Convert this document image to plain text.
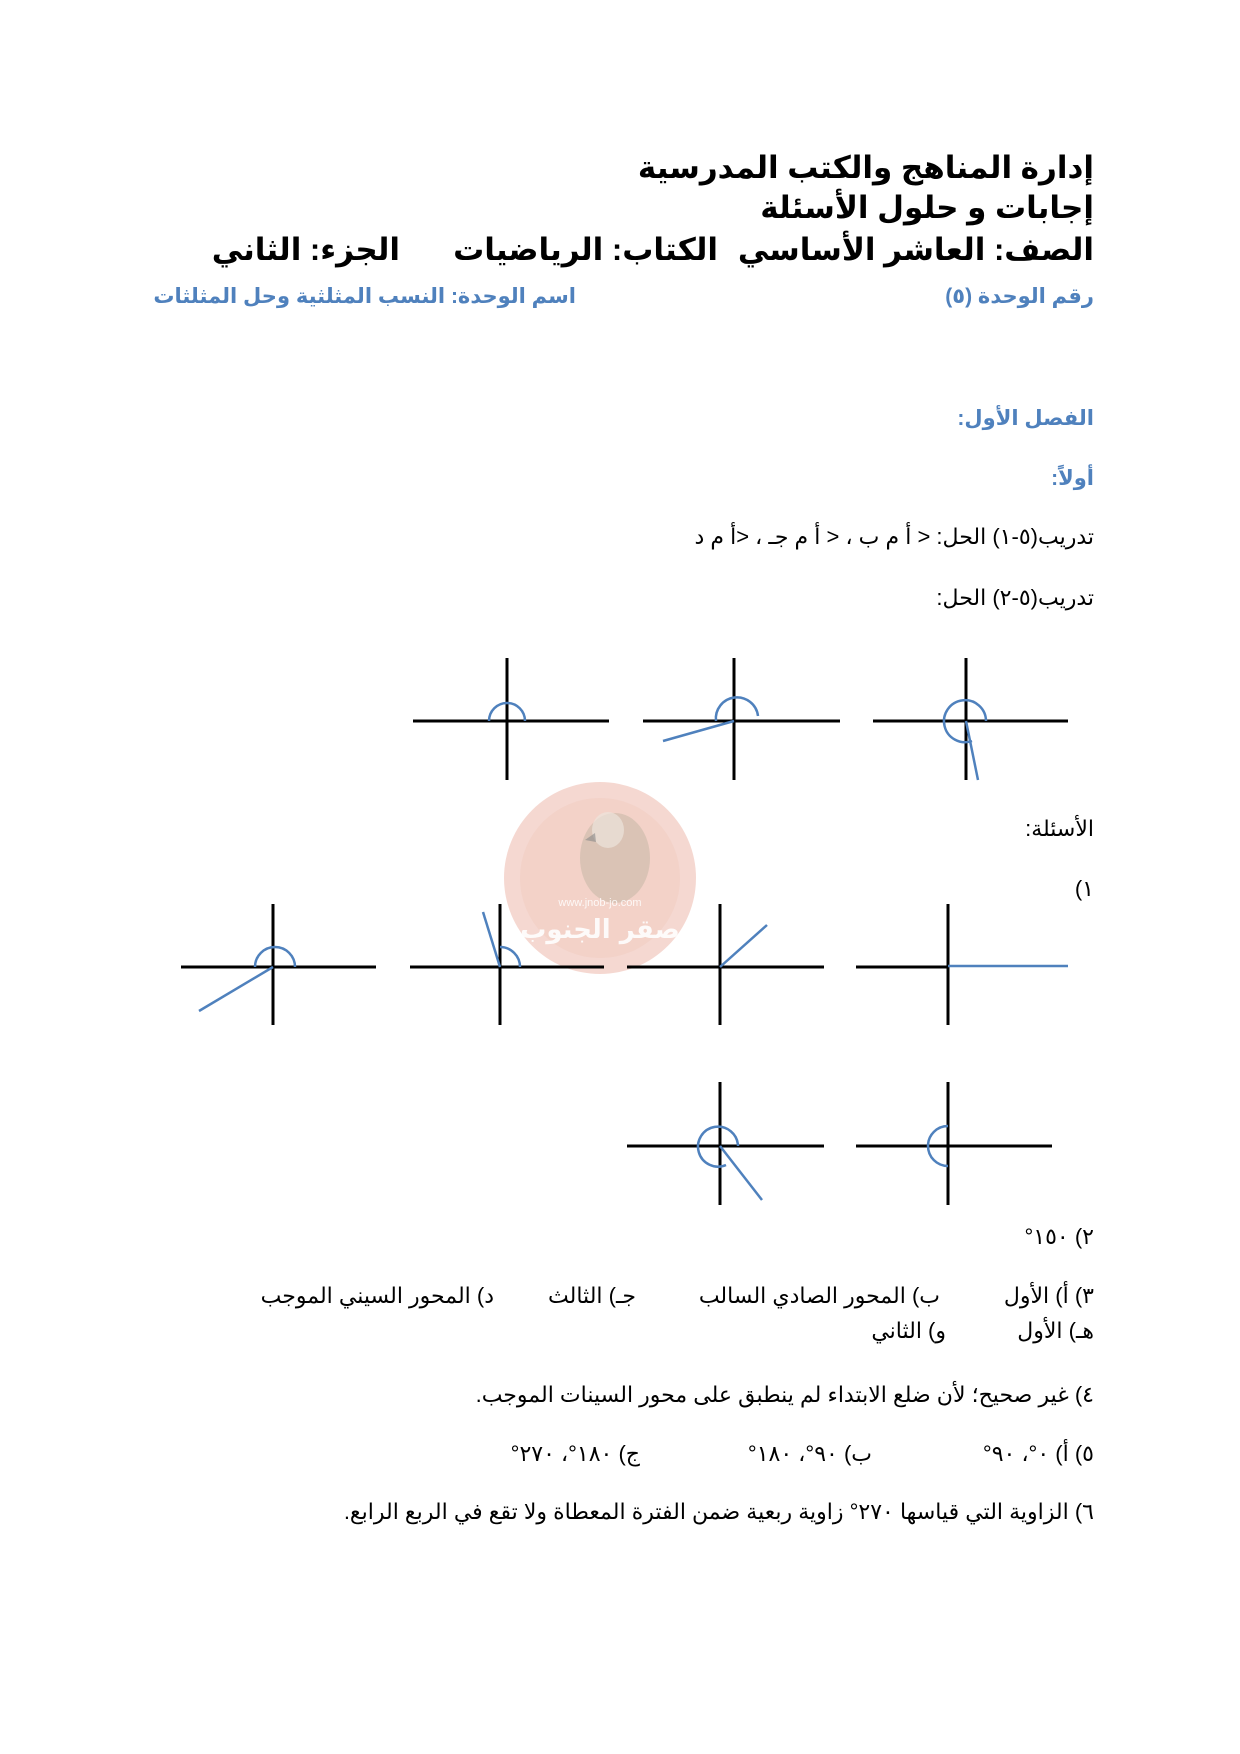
إدارة المناهج والكتب المدرسية
إجابات و حلول الأسئلة
الصف: العاشر الأساسي
الكتاب: الرياضيات
الجزء: الثاني
رقم الوحدة (٥)
اسم الوحدة: النسب المثلثية وحل المثلثات
الفصل الأول:
أولاً:
تدريب(٥-١) الحل: < أ م ب ، < أ م جـ ، <أ م د
تدريب(٥-٢) الحل:
www.jnob-jo.com
صقر الجنوب
الأسئلة:
١)
٢) ١٥٠°
٣) أ) الأول
ب) المحور الصادي السالب
جـ) الثالث
د) المحور السيني الموجب
هـ) الأول
و) الثاني
٤) غير صحيح؛ لأن ضلع الابتداء لم ينطبق على محور السينات الموجب.
٥) أ) ٠°، ٩٠°
ب) ٩٠°، ١٨٠°
ج) ١٨٠°، ٢٧٠°
٦) الزاوية التي قياسها ٢٧٠° زاوية ربعية ضمن الفترة المعطاة ولا تقع في الربع الرابع.
